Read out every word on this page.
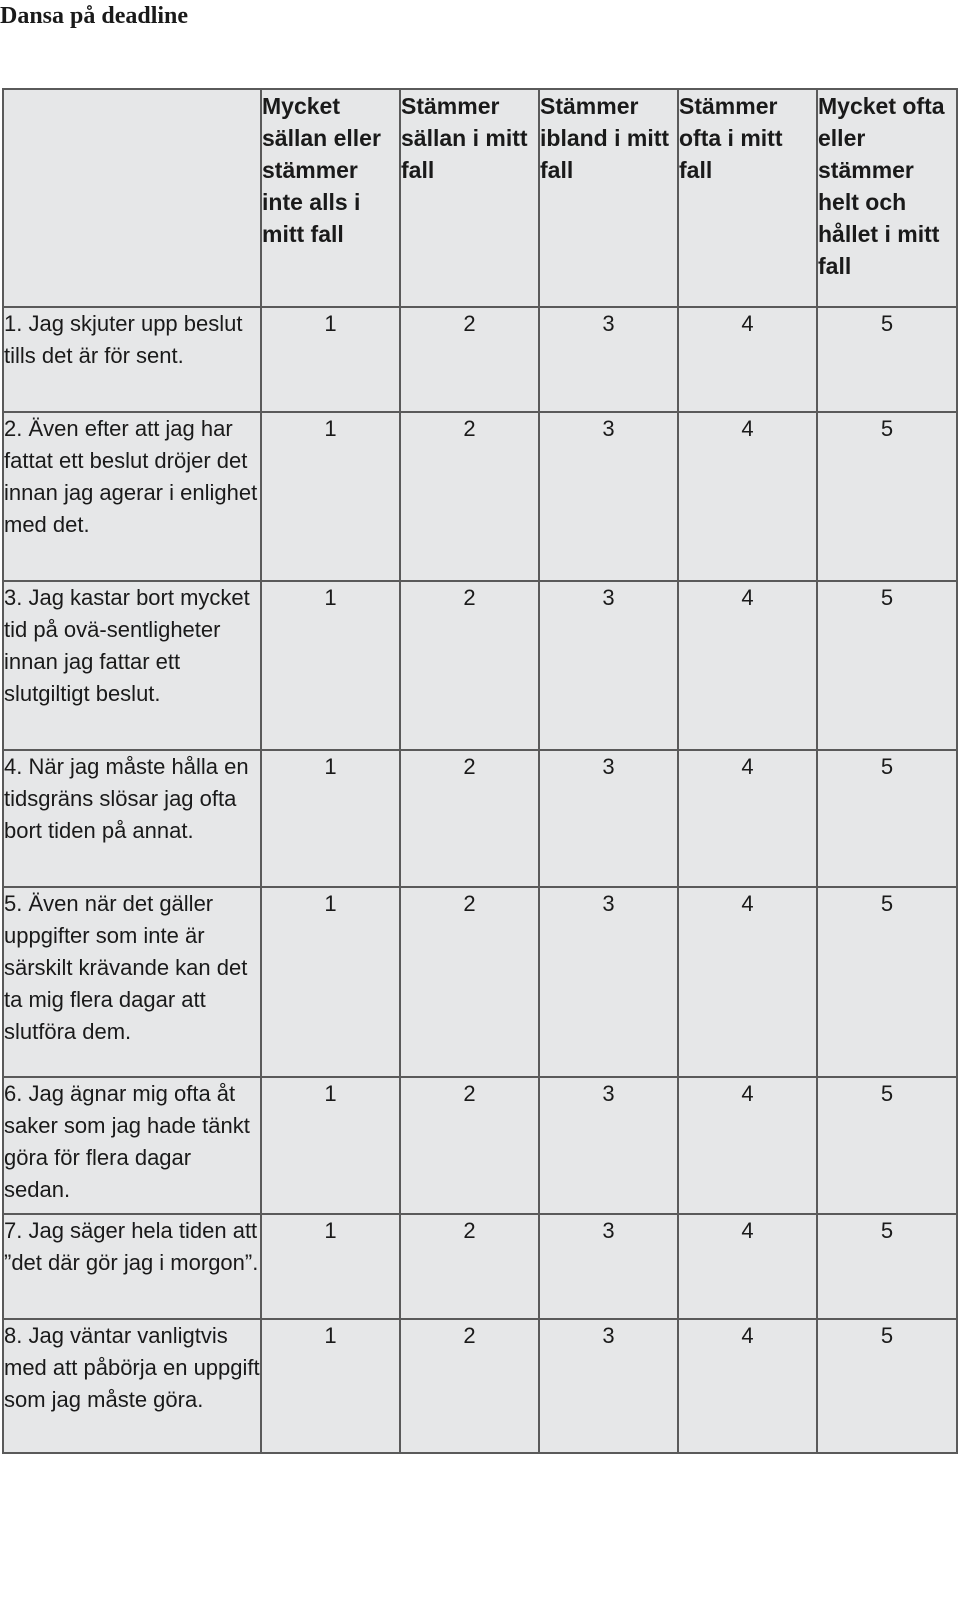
Dansa på deadline
	Mycket sällan eller stämmer inte alls i mitt fall	Stämmer sällan i mitt fall	Stämmer ibland i mitt fall	Stämmer ofta i mitt fall	Mycket ofta eller stämmer helt och hållet i mitt fall
1. Jag skjuter upp beslut tills det är för sent.	1	2	3	4	5
2. Även efter att jag har fattat ett beslut dröjer det innan jag agerar i enlighet med det.	1	2	3	4	5
3. Jag kastar bort mycket tid på ovä-sentligheter innan jag fattar ett slutgiltigt beslut.	1	2	3	4	5
4. När jag måste hålla en tidsgräns slösar jag ofta bort tiden på annat.	1	2	3	4	5
5. Även när det gäller uppgifter som inte är särskilt krävande kan det ta mig flera dagar att slutföra dem.	1	2	3	4	5
6. Jag ägnar mig ofta åt saker som jag hade tänkt göra för flera dagar sedan.	1	2	3	4	5
7. Jag säger hela tiden att ”det där gör jag i morgon”.	1	2	3	4	5
8. Jag väntar vanligtvis med att påbörja en uppgift som jag måste göra.	1	2	3	4	5
